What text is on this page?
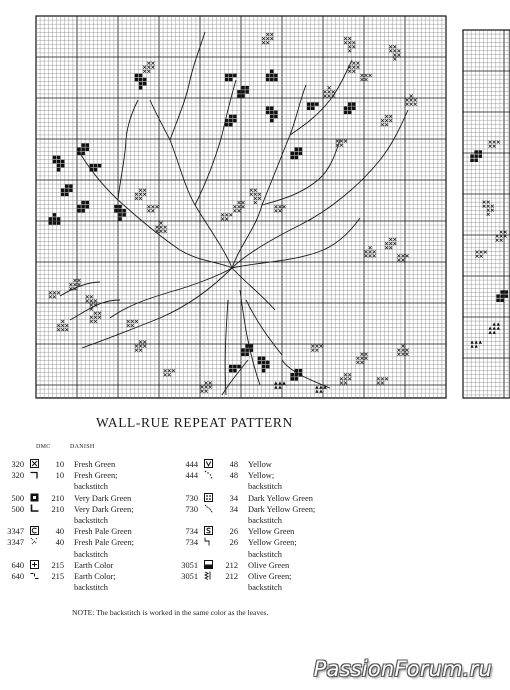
WALL-RUE REPEAT PATTERN
DMC	DANISH
320		10	Fresh Green
320		10	Fresh Green;
backstitch
500		210	Very Dark Green
500		210	Very Dark Green;
backstitch
3347		40	Fresh Pale Green
3347		40	Fresh Pale Green;
backstitch
640		215	Earth Color
640		215	Earth Color;
backstitch
444		48	Yellow
444		48	Yellow;
backstitch
730		34	Dark Yellow Green
730		34	Dark Yellow Green;
backstitch
734		26	Yellow Green
734		26	Yellow Green;
backstitch
3051		212	Olive Green
3051		212	Olive Green;
backstitch

NOTE: The backstitch is worked in the same color as the leaves.

PassionForum.ru
